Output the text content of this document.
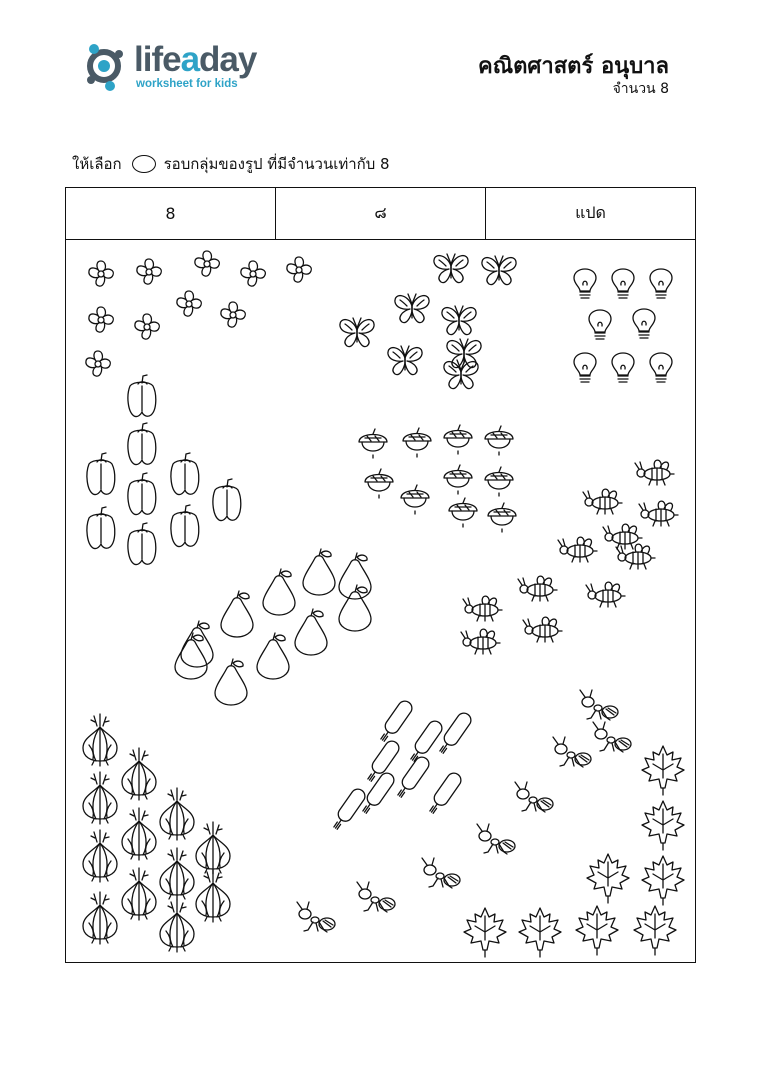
lifeaday
worksheet for kids
คณิตศาสตร์ อนุบาล
จำนวน 8
ให้เลือก	รอบกลุ่มของรูป ที่มีจำนวนเท่ากับ 8
8	๘	แปด
